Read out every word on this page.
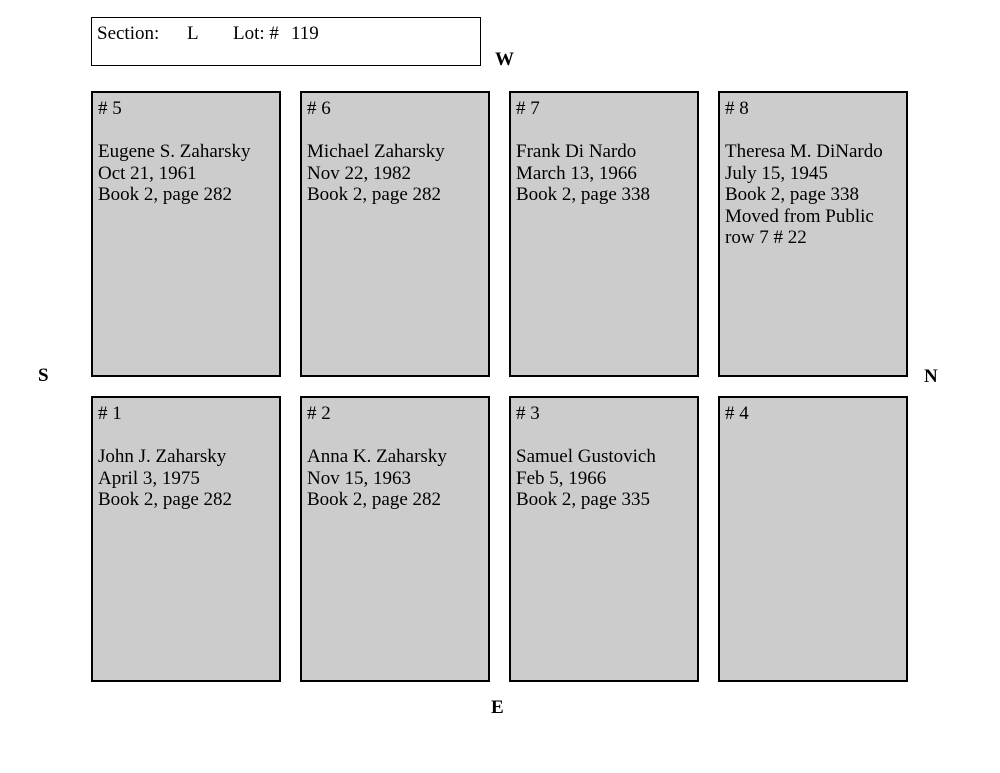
Section: L Lot: # 119
W
S	N
E
# 5
Eugene S. Zaharsky
Oct 21, 1961
Book 2, page 282
# 6
Michael Zaharsky
Nov 22, 1982
Book 2, page 282
# 7
Frank Di Nardo
March 13, 1966
Book 2, page 338
# 8
Theresa M. DiNardo
July 15, 1945
Book 2, page 338
Moved from Public
row 7 # 22
# 1
John J. Zaharsky
April 3, 1975
Book 2, page 282
# 2
Anna K. Zaharsky
Nov 15, 1963
Book 2, page 282
# 3
Samuel Gustovich
Feb 5, 1966
Book 2, page 335
# 4
